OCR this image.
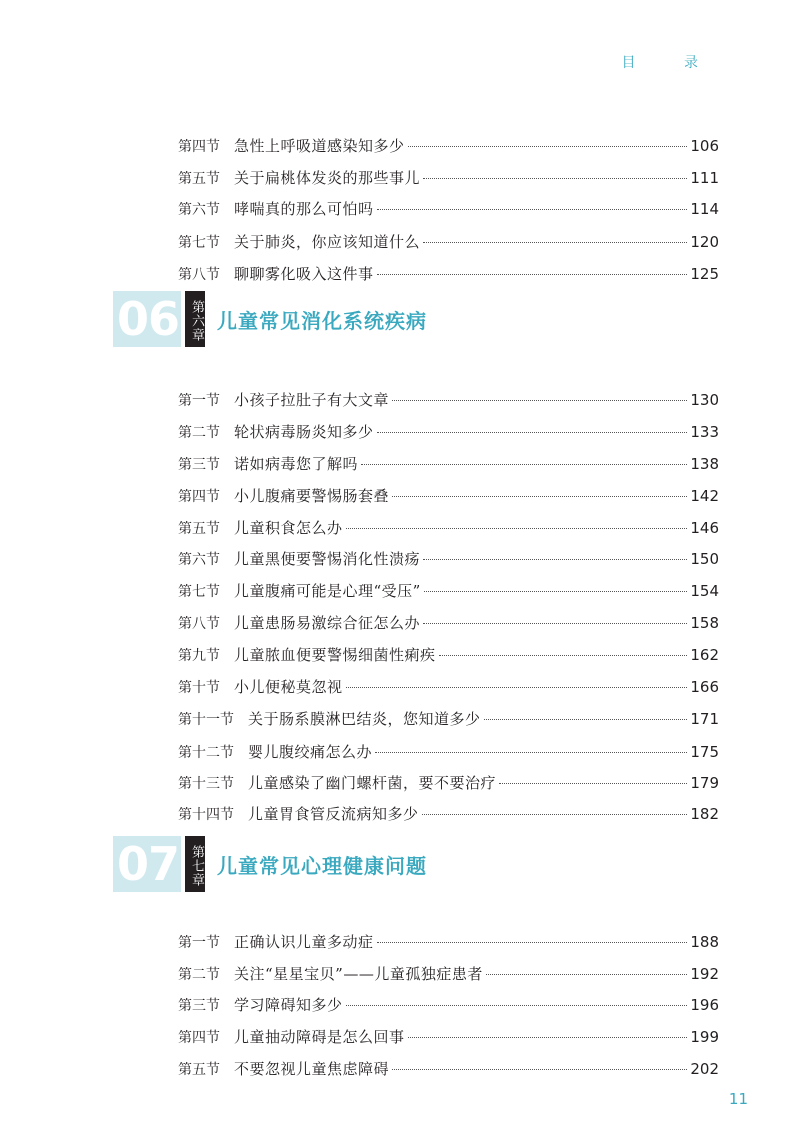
目 录
第四节 急性上呼吸道感染知多少	106
第五节 关于扁桃体发炎的那些事儿	111
第六节 哮喘真的那么可怕吗	114
第七节 关于肺炎，你应该知道什么	120
第八节 聊聊雾化吸入这件事	125
06 第六章 儿童常见消化系统疾病
第一节 小孩子拉肚子有大文章	130
第二节 轮状病毒肠炎知多少	133
第三节 诺如病毒您了解吗	138
第四节 小儿腹痛要警惕肠套叠	142
第五节 儿童积食怎么办	146
第六节 儿童黑便要警惕消化性溃疡	150
第七节 儿童腹痛可能是心理“受压”	154
第八节 儿童患肠易激综合征怎么办	158
第九节 儿童脓血便要警惕细菌性痢疾	162
第十节 小儿便秘莫忽视	166
第十一节 关于肠系膜淋巴结炎，您知道多少	171
第十二节 婴儿腹绞痛怎么办	175
第十三节 儿童感染了幽门螺杆菌，要不要治疗	179
第十四节 儿童胃食管反流病知多少	182
07 第七章 儿童常见心理健康问题
第一节 正确认识儿童多动症	188
第二节 关注“星星宝贝”——儿童孤独症患者	192
第三节 学习障碍知多少	196
第四节 儿童抽动障碍是怎么回事	199
第五节 不要忽视儿童焦虑障碍	202
11
